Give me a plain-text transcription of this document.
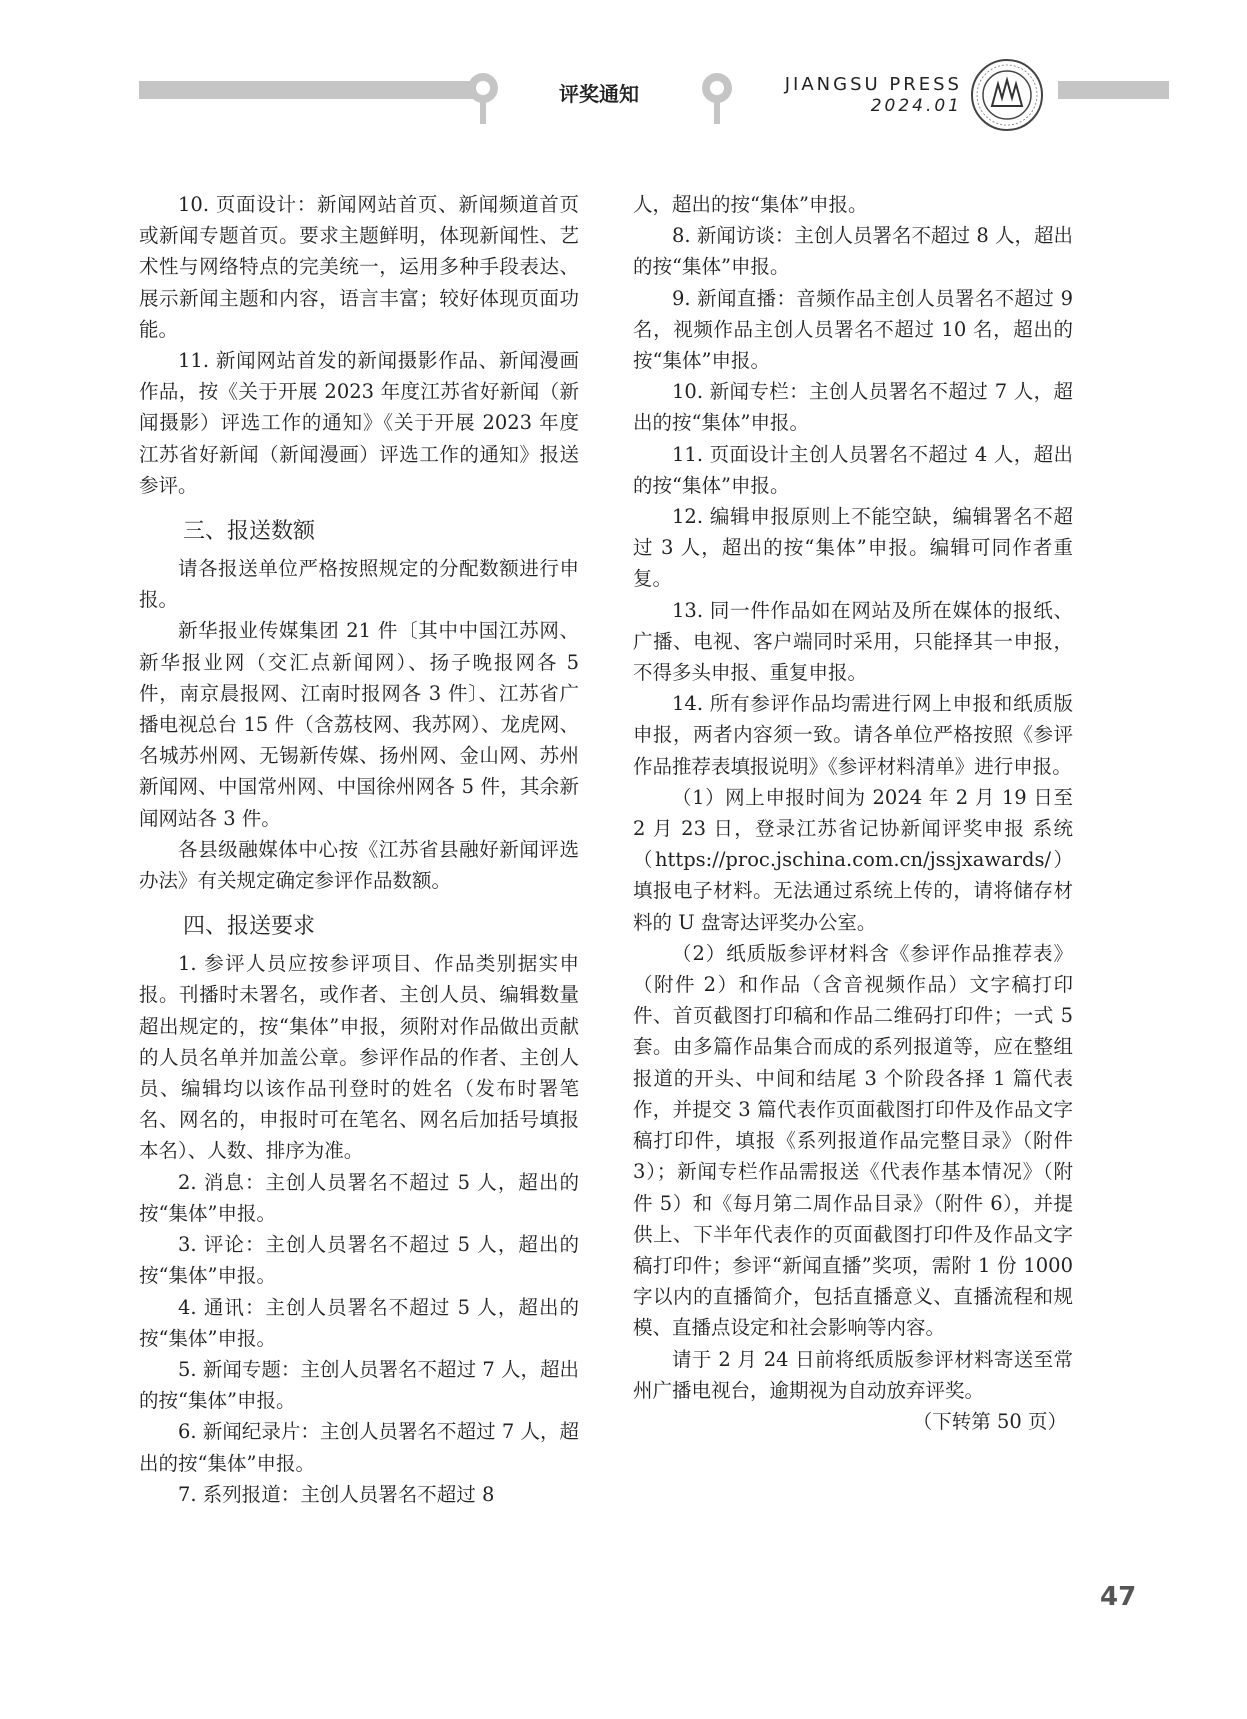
评奖通知	JIANGSU PRESS
2024.01

10. 页面设计：新闻网站首页、新闻频道首页或新闻专题首页。要求主题鲜明，体现新闻性、艺术性与网络特点的完美统一，运用多种手段表达、展示新闻主题和内容，语言丰富；较好体现页面功能。

11. 新闻网站首发的新闻摄影作品、新闻漫画作品，按《关于开展 2023 年度江苏省好新闻（新闻摄影）评选工作的通知》《关于开展 2023 年度江苏省好新闻（新闻漫画）评选工作的通知》报送参评。

三、报送数额

请各报送单位严格按照规定的分配数额进行申报。

新华报业传媒集团 21 件〔其中中国江苏网、新华报业网（交汇点新闻网）、扬子晚报网各 5 件，南京晨报网、江南时报网各 3 件〕、江苏省广播电视总台 15 件（含荔枝网、我苏网）、龙虎网、名城苏州网、无锡新传媒、扬州网、金山网、苏州新闻网、中国常州网、中国徐州网各 5 件，其余新闻网站各 3 件。

各县级融媒体中心按《江苏省县融好新闻评选办法》有关规定确定参评作品数额。

四、报送要求

1. 参评人员应按参评项目、作品类别据实申报。刊播时未署名，或作者、主创人员、编辑数量超出规定的，按“集体”申报，须附对作品做出贡献的人员名单并加盖公章。参评作品的作者、主创人员、编辑均以该作品刊登时的姓名（发布时署笔名、网名的，申报时可在笔名、网名后加括号填报本名）、人数、排序为准。

2. 消息：主创人员署名不超过 5 人，超出的按“集体”申报。

3. 评论：主创人员署名不超过 5 人，超出的按“集体”申报。

4. 通讯：主创人员署名不超过 5 人，超出的按“集体”申报。

5. 新闻专题：主创人员署名不超过 7 人，超出的按“集体”申报。

6. 新闻纪录片：主创人员署名不超过 7 人，超出的按“集体”申报。

7. 系列报道：主创人员署名不超过 8

人，超出的按“集体”申报。

8. 新闻访谈：主创人员署名不超过 8 人，超出的按“集体”申报。

9. 新闻直播：音频作品主创人员署名不超过 9 名，视频作品主创人员署名不超过 10 名，超出的按“集体”申报。

10. 新闻专栏：主创人员署名不超过 7 人，超出的按“集体”申报。

11. 页面设计主创人员署名不超过 4 人，超出的按“集体”申报。

12. 编辑申报原则上不能空缺，编辑署名不超过 3 人，超出的按“集体”申报。编辑可同作者重复。

13. 同一件作品如在网站及所在媒体的报纸、广播、电视、客户端同时采用，只能择其一申报，不得多头申报、重复申报。

14. 所有参评作品均需进行网上申报和纸质版申报，两者内容须一致。请各单位严格按照《参评作品推荐表填报说明》《参评材料清单》进行申报。

（1）网上申报时间为 2024 年 2 月 19 日至 2 月 23 日，登录江苏省记协新闻评奖申报 系统（https://proc.jschina.com.cn/jssjxawards/）填报电子材料。无法通过系统上传的，请将储存材料的 U 盘寄达评奖办公室。

（2）纸质版参评材料含《参评作品推荐表》（附件 2）和作品（含音视频作品）文字稿打印件、首页截图打印稿和作品二维码打印件；一式 5 套。由多篇作品集合而成的系列报道等，应在整组报道的开头、中间和结尾 3 个阶段各择 1 篇代表作，并提交 3 篇代表作页面截图打印件及作品文字稿打印件，填报《系列报道作品完整目录》（附件 3）；新闻专栏作品需报送《代表作基本情况》（附件 5）和《每月第二周作品目录》（附件 6），并提供上、下半年代表作的页面截图打印件及作品文字稿打印件；参评“新闻直播”奖项，需附 1 份 1000 字以内的直播简介，包括直播意义、直播流程和规模、直播点设定和社会影响等内容。

请于 2 月 24 日前将纸质版参评材料寄送至常州广播电视台，逾期视为自动放弃评奖。
（下转第 50 页）

47
